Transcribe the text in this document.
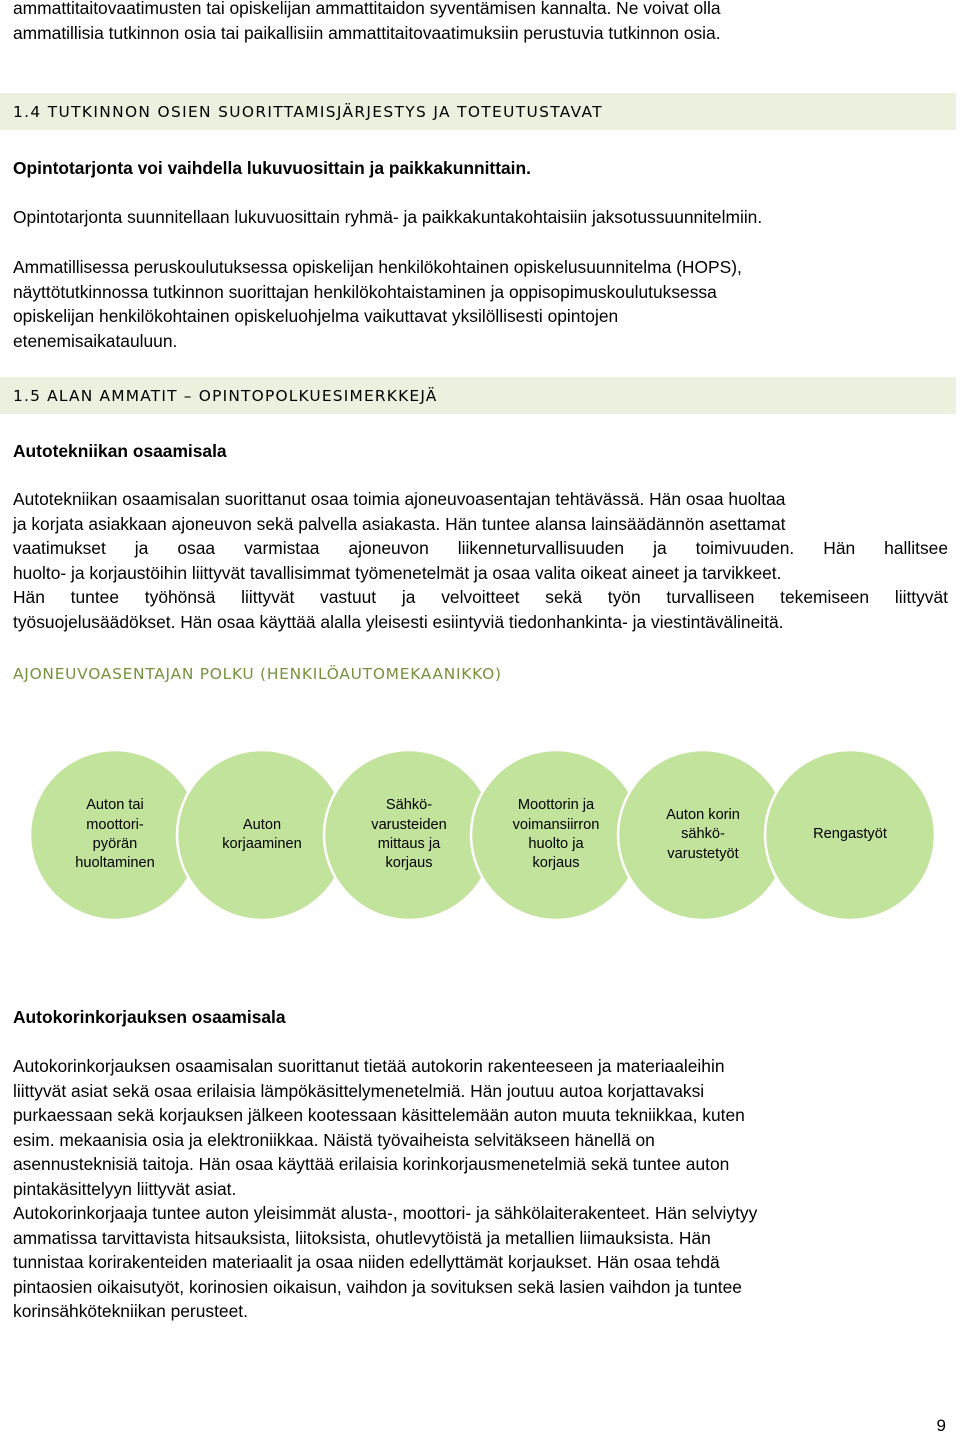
ammattitaitovaatimusten tai opiskelijan ammattitaidon syventämisen kannalta. Ne voivat olla
ammatillisia tutkinnon osia tai paikallisiin ammattitaitovaatimuksiin perustuvia tutkinnon osia.
1.4 TUTKINNON OSIEN SUORITTAMISJÄRJESTYS JA TOTEUTUSTAVAT
Opintotarjonta voi vaihdella lukuvuosittain ja paikkakunnittain.
Opintotarjonta suunnitellaan lukuvuosittain ryhmä- ja paikkakuntakohtaisiin jaksotussuunnitelmiin.
Ammatillisessa peruskoulutuksessa opiskelijan henkilökohtainen opiskelusuunnitelma (HOPS),
näyttötutkinnossa tutkinnon suorittajan henkilökohtaistaminen ja oppisopimuskoulutuksessa
opiskelijan henkilökohtainen opiskeluohjelma vaikuttavat yksilöllisesti opintojen
etenemisaikatauluun.
1.5 ALAN AMMATIT – OPINTOPOLKUESIMERKKEJÄ
Autotekniikan osaamisala
Autotekniikan osaamisalan suorittanut osaa toimia ajoneuvoasentajan tehtävässä. Hän osaa huoltaa
ja korjata asiakkaan ajoneuvon sekä palvella asiakasta. Hän tuntee alansa lainsäädännön asettamat
vaatimukset ja osaa varmistaa ajoneuvon liikenneturvallisuuden ja toimivuuden. Hän hallitsee
huolto- ja korjaustöihin liittyvät tavallisimmat työmenetelmät ja osaa valita oikeat aineet ja tarvikkeet.
Hän tuntee työhönsä liittyvät vastuut ja velvoitteet sekä työn turvalliseen tekemiseen liittyvät
työsuojelusäädökset. Hän osaa käyttää alalla yleisesti esiintyviä tiedonhankinta- ja viestintävälineitä.
AJONEUVOASENTAJAN POLKU (HENKILÖAUTOMEKAANIKKO)
Auton tai
moottori-
pyörän
huoltaminen
Auton
korjaaminen
Sähkö-
varusteiden
mittaus ja
korjaus
Moottorin ja
voimansiirron
huolto ja
korjaus
Auton korin
sähkö-
varustetyöt
Rengastyöt
Autokorinkorjauksen osaamisala
Autokorinkorjauksen osaamisalan suorittanut tietää autokorin rakenteeseen ja materiaaleihin
liittyvät asiat sekä osaa erilaisia lämpökäsittelymenetelmiä. Hän joutuu autoa korjattavaksi
purkaessaan sekä korjauksen jälkeen kootessaan käsittelemään auton muuta tekniikkaa, kuten
esim. mekaanisia osia ja elektroniikkaa. Näistä työvaiheista selvitäkseen hänellä on
asennusteknisiä taitoja. Hän osaa käyttää erilaisia korinkorjausmenetelmiä sekä tuntee auton
pintakäsittelyyn liittyvät asiat.
Autokorinkorjaaja tuntee auton yleisimmät alusta-, moottori- ja sähkölaiterakenteet. Hän selviytyy
ammatissa tarvittavista hitsauksista, liitoksista, ohutlevytöistä ja metallien liimauksista. Hän
tunnistaa korirakenteiden materiaalit ja osaa niiden edellyttämät korjaukset. Hän osaa tehdä
pintaosien oikaisutyöt, korinosien oikaisun, vaihdon ja sovituksen sekä lasien vaihdon ja tuntee
korinsähkötekniikan perusteet.
9
